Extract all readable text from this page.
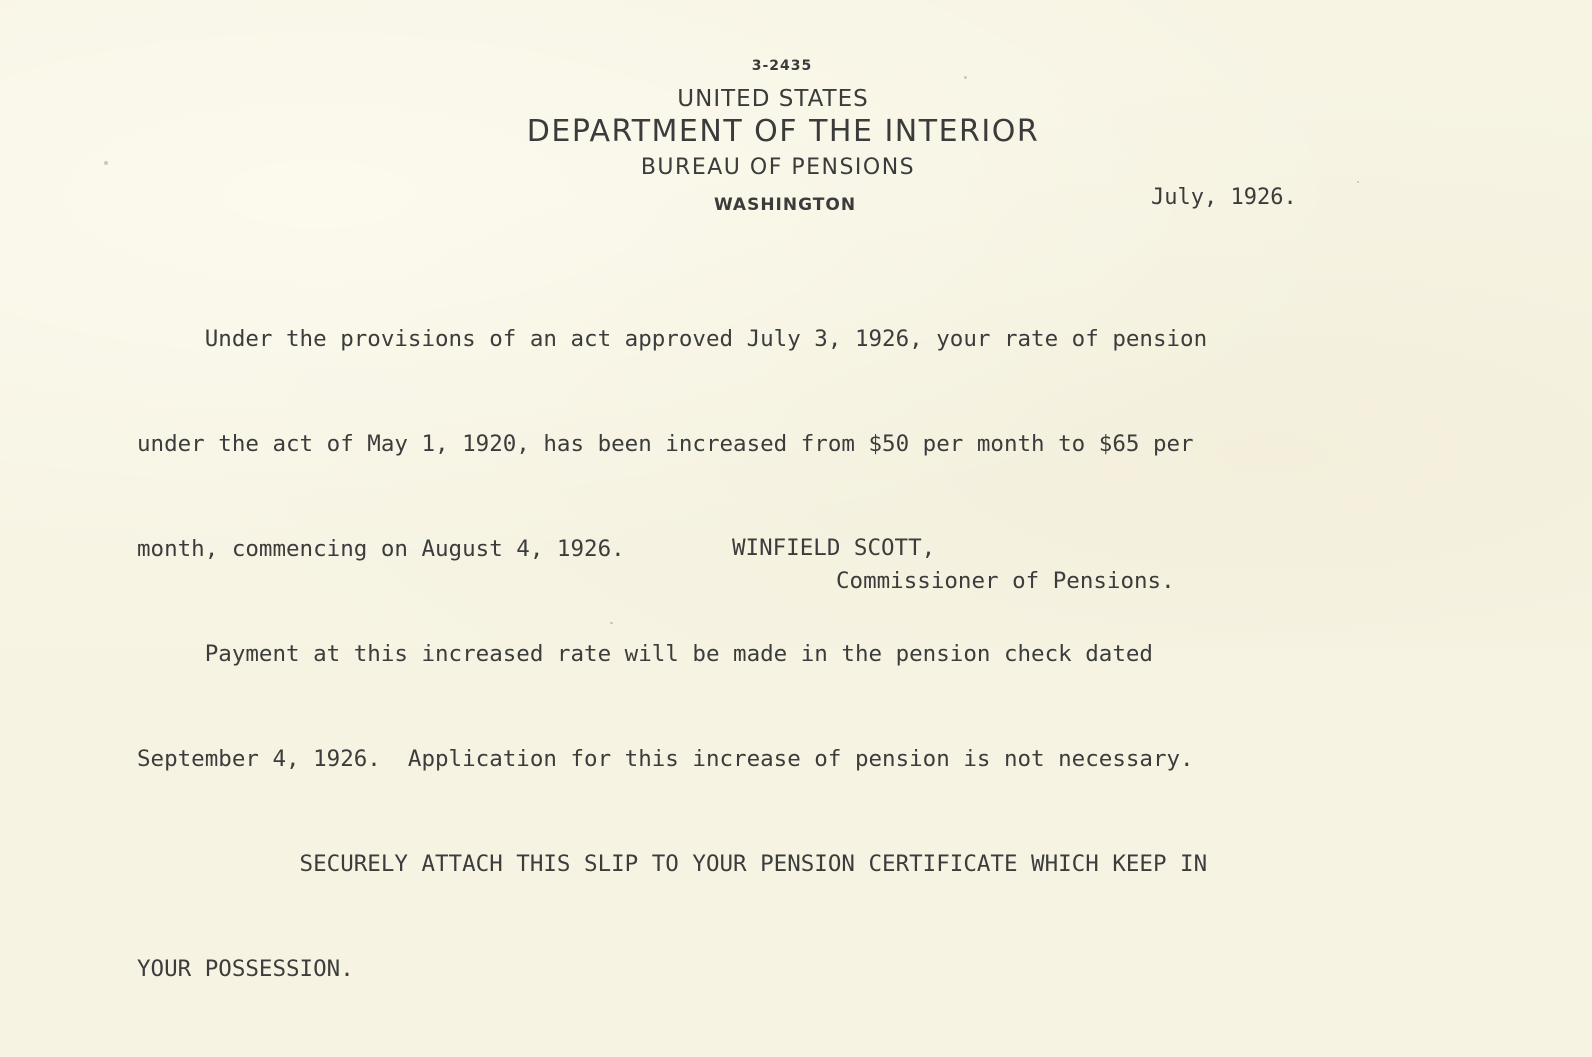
3-2435
UNITED STATES
DEPARTMENT OF THE INTERIOR
BUREAU OF PENSIONS
WASHINGTON	July, 1926.

Under the provisions of an act approved July 3, 1926, your rate of pension

under the act of May 1, 1920, has been increased from $50 per month to $65 per

month, commencing on August 4, 1926.

Payment at this increased rate will be made in the pension check dated

September 4, 1926.  Application for this increase of pension is not necessary.

SECURELY ATTACH THIS SLIP TO YOUR PENSION CERTIFICATE WHICH KEEP IN

YOUR POSSESSION.

WINFIELD SCOTT,
Commissioner of Pensions.
